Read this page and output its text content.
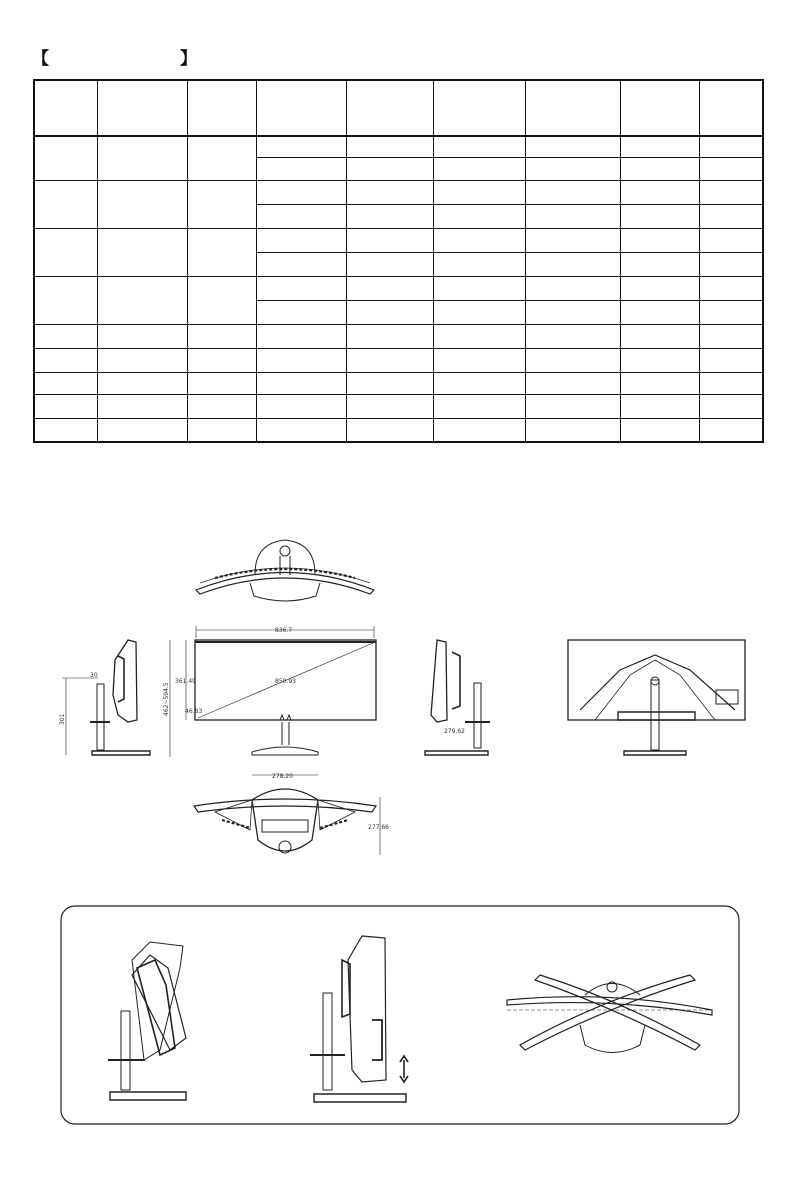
【	】

836.7
361.49	850.93
46.83
30
278.20
277.66
279.62
462~594.5
301
